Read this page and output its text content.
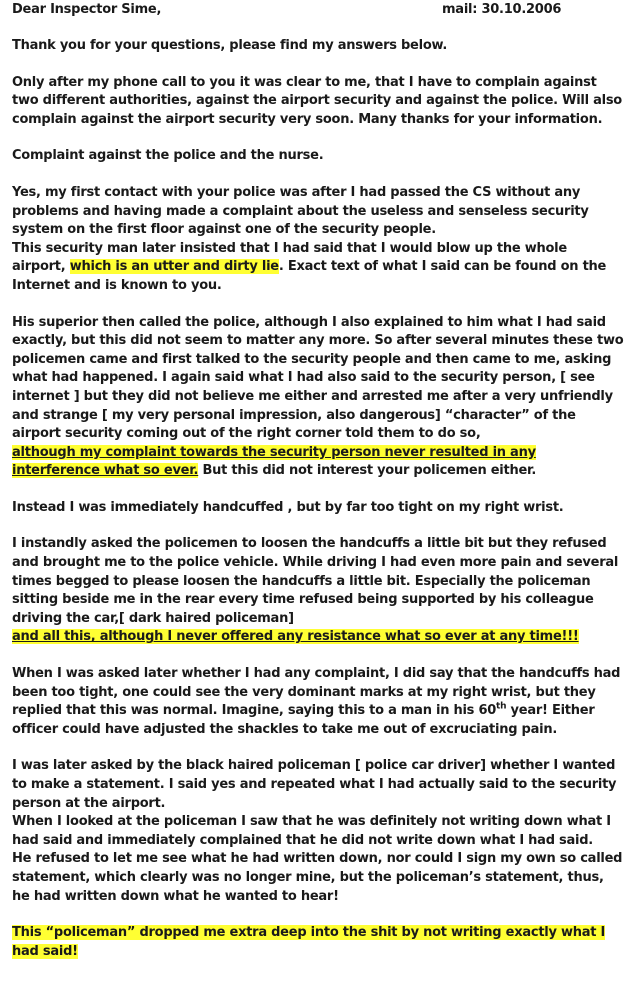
Dear Inspector Sime,	mail: 30.10.2006

Thank you for your questions, please find my answers below.

Only after my phone call to you it was clear to me, that I have to complain against two different authorities, against the airport security and against the police. Will also complain against the airport security very soon. Many thanks for your information.

Complaint against the police and the nurse.

Yes, my first contact with your police was after I had passed the CS without any problems and having made a complaint about the useless and senseless security system on the first floor against one of the security people.

This security man later insisted that I had said that I would blow up the whole airport, which is an utter and dirty lie. Exact text of what I said can be found on the Internet and is known to you.

His superior then called the police, although I also explained to him what I had said exactly, but this did not seem to matter any more. So after several minutes these two policemen came and first talked to the security people and then came to me, asking what had happened. I again said what I had also said to the security person, [ see internet ] but they did not believe me either and arrested me after a very unfriendly and strange [ my very personal impression, also dangerous] “character” of the airport security coming out of the right corner told them to do so,
although my complaint towards the security person never resulted in any interference what so ever. But this did not interest your policemen either.

Instead I was immediately handcuffed , but by far too tight on my right wrist.

I instandly asked the policemen to loosen the handcuffs a little bit but they refused and brought me to the police vehicle. While driving I had even more pain and several times begged to please loosen the handcuffs a little bit. Especially the policeman sitting beside me in the rear every time refused being supported by his colleague driving the car,[ dark haired policeman]
and all this, although I never offered any resistance what so ever at any time!!!

When I was asked later whether I had any complaint, I did say that the handcuffs had been too tight, one could see the very dominant marks at my right wrist, but they replied that this was normal. Imagine, saying this to a man in his 60th year! Either officer could have adjusted the shackles to take me out of excruciating pain.

I was later asked by the black haired policeman [ police car driver] whether I wanted to make a statement. I said yes and repeated what I had actually said to the security person at the airport.

When I looked at the policeman I saw that he was definitely not writing down what I had said and immediately complained that he did not write down what I had said.

He refused to let me see what he had written down, nor could I sign my own so called statement, which clearly was no longer mine, but the policeman’s statement, thus, he had written down what he wanted to hear!

This “policeman” dropped me extra deep into the shit by not writing exactly what I had said!
